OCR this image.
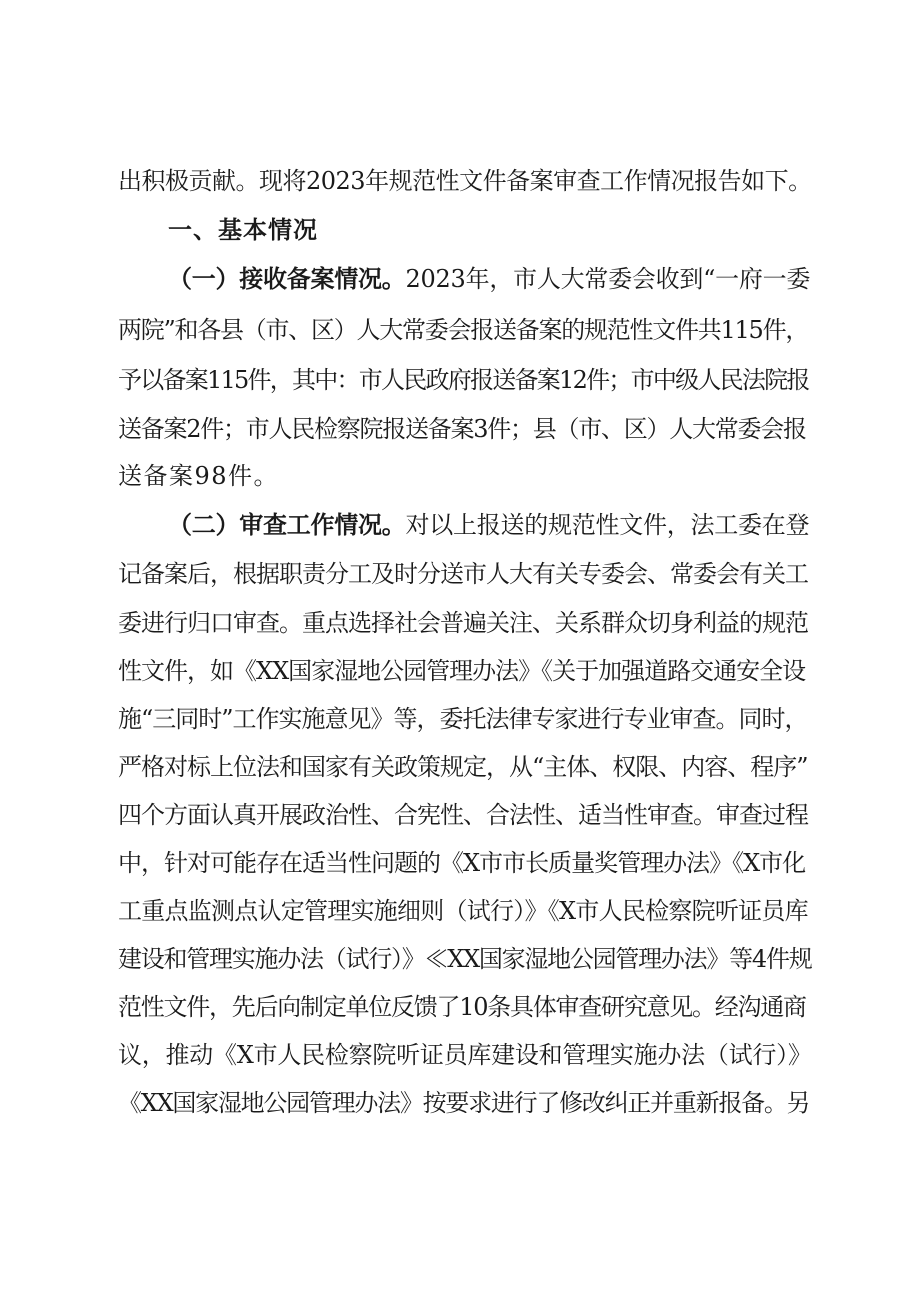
出积极贡献。现将2023年规范性文件备案审查工作情况报告如下。
一、基本情况
（一）接收备案情况。2023年，市人大常委会收到“一府一委
两院”和各县（市、区）人大常委会报送备案的规范性文件共115件，
予以备案115件，其中：市人民政府报送备案12件；市中级人民法院报
送备案2件；市人民检察院报送备案3件；县（市、区）人大常委会报
送备案98件。
（二）审查工作情况。对以上报送的规范性文件，法工委在登
记备案后，根据职责分工及时分送市人大有关专委会、常委会有关工
委进行归口审查。重点选择社会普遍关注、关系群众切身利益的规范
性文件，如《XX国家湿地公园管理办法》《关于加强道路交通安全设
施“三同时”工作实施意见》等，委托法律专家进行专业审查。同时，
严格对标上位法和国家有关政策规定，从“主体、权限、内容、程序”
四个方面认真开展政治性、合宪性、合法性、适当性审查。审查过程
中，针对可能存在适当性问题的《X市市长质量奖管理办法》《X市化
工重点监测点认定管理实施细则（试行）》《X市人民检察院听证员库
建设和管理实施办法（试行）》≪XX国家湿地公园管理办法》等4件规
范性文件，先后向制定单位反馈了10条具体审查研究意见。经沟通商
议，推动《X市人民检察院听证员库建设和管理实施办法（试行）》
《XX国家湿地公园管理办法》按要求进行了修改纠正并重新报备。另
